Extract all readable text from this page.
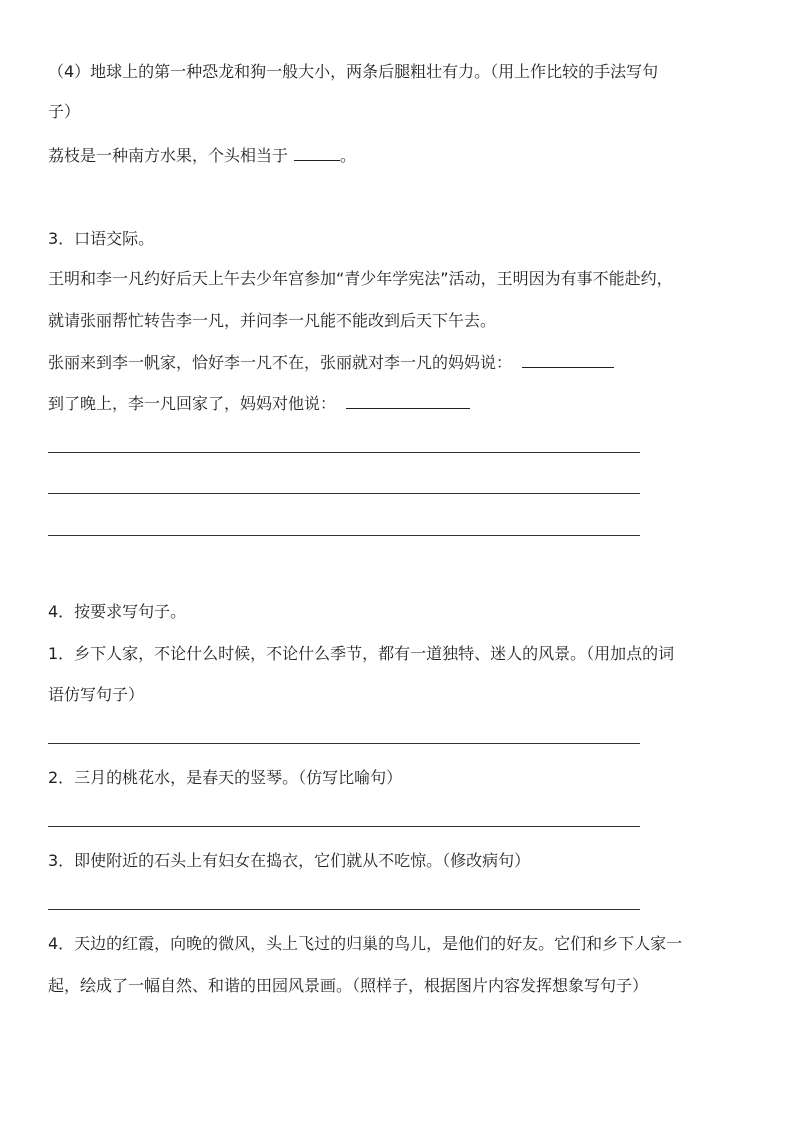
（4）地球上的第一种恐龙和狗一般大小，两条后腿粗壮有力。（用上作比较的手法写句
子）
荔枝是一种南方水果，个头相当于	。
3．口语交际。
王明和李一凡约好后天上午去少年宫参加“青少年学宪法”活动，王明因为有事不能赴约，
就请张丽帮忙转告李一凡，并问李一凡能不能改到后天下午去。
张丽来到李一帆家，恰好李一凡不在，张丽就对李一凡的妈妈说：
到了晚上，李一凡回家了，妈妈对他说：
4．按要求写句子。
1．乡下人家，不论什么时候，不论什么季节，都有一道独特、迷人的风景。（用加点的词
语仿写句子）
2．三月的桃花水，是春天的竖琴。（仿写比喻句）
3．即使附近的石头上有妇女在捣衣，它们就从不吃惊。（修改病句）
4．天边的红霞，向晚的微风，头上飞过的归巢的鸟儿，是他们的好友。它们和乡下人家一
起，绘成了一幅自然、和谐的田园风景画。（照样子，根据图片内容发挥想象写句子）
